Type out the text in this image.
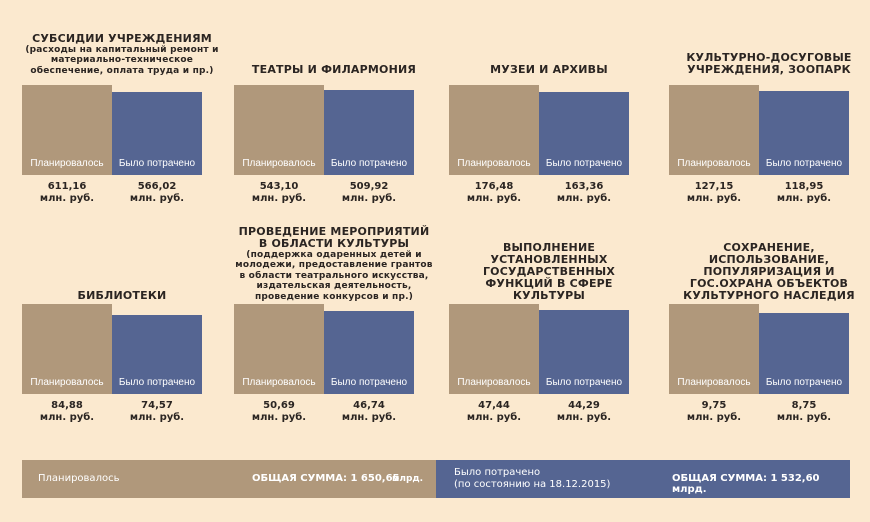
СУБСИДИИ УЧРЕЖДЕНИЯМ
(расходы на капитальный ремонт и материально-техническое обеспечение, оплата труда и пр.)
Планировалось
611,16
млн. руб.
Было потрачено
566,02
млн. руб.
ТЕАТРЫ И ФИЛАРМОНИЯ
Планировалось
543,10
млн. руб.
Было потрачено
509,92
млн. руб.
МУЗЕИ И АРХИВЫ
Планировалось
176,48
млн. руб.
Было потрачено
163,36
млн. руб.
КУЛЬТУРНО-ДОСУГОВЫЕ УЧРЕЖДЕНИЯ, ЗООПАРК
Планировалось
127,15
млн. руб.
Было потрачено
118,95
млн. руб.
БИБЛИОТЕКИ
Планировалось
84,88
млн. руб.
Было потрачено
74,57
млн. руб.
ПРОВЕДЕНИЕ МЕРОПРИЯТИЙ В ОБЛАСТИ КУЛЬТУРЫ
(поддержка одаренных детей и молодежи, предоставление грантов в области театрального искусства, издательская деятельность, проведение конкурсов и пр.)
Планировалось
50,69
млн. руб.
Было потрачено
46,74
млн. руб.
ВЫПОЛНЕНИЕ УСТАНОВЛЕННЫХ ГОСУДАРСТВЕННЫХ ФУНКЦИЙ В СФЕРЕ КУЛЬТУРЫ
Планировалось
47,44
млн. руб.
Было потрачено
44,29
млн. руб.
СОХРАНЕНИЕ, ИСПОЛЬЗОВАНИЕ, ПОПУЛЯРИЗАЦИЯ И ГОС.ОХРАНА ОБЪЕКТОВ КУЛЬТУРНОГО НАСЛЕДИЯ
Планировалось
9,75
млн. руб.
Было потрачено
8,75
млн. руб.
Планировалось	ОБЩАЯ СУММА: 1 650,65
млрд.
Было потрачено
(по состоянию на 18.12.2015)
ОБЩАЯ СУММА: 1 532,60 млрд.
